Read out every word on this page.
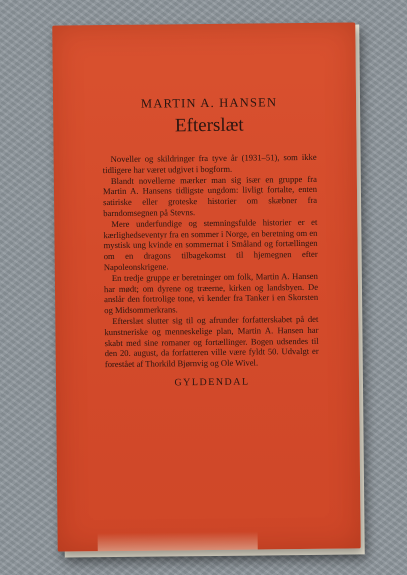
MARTIN A. HANSEN

Efterslæt

Noveller og skildringer fra tyve år (1931–51), som ikke tidligere har været udgivet i bogform.

Blandt novellerne mærker man sig især en gruppe fra Martin A. Hansens tidligste ungdom: livligt fortalte, enten satiriske eller groteske historier om skæbner fra barndomsegnen på Stevns.

Mere underfundige og stemningsfulde historier er et kærlighedseventyr fra en sommer i Norge, en beretning om en mystisk ung kvinde en sommernat i Småland og fortællingen om en dragons tilbagekomst til hjemegnen efter Napoleonskrigene.

En tredje gruppe er beretninger om folk, Martin A. Hansen har mødt; om dyrene og træerne, kirken og landsbyen. De anslår den fortrolige tone, vi kender fra Tanker i en Skorsten og Midsommerkrans.

Efterslæt slutter sig til og afrunder forfatterskabet på det kunstneriske og menneskelige plan, Martin A. Hansen har skabt med sine romaner og fortællinger. Bogen udsendes til den 20. august, da forfatteren ville være fyldt 50. Udvalgt er forestået af Thorkild Bjørnvig og Ole Wivel.

GYLDENDAL
